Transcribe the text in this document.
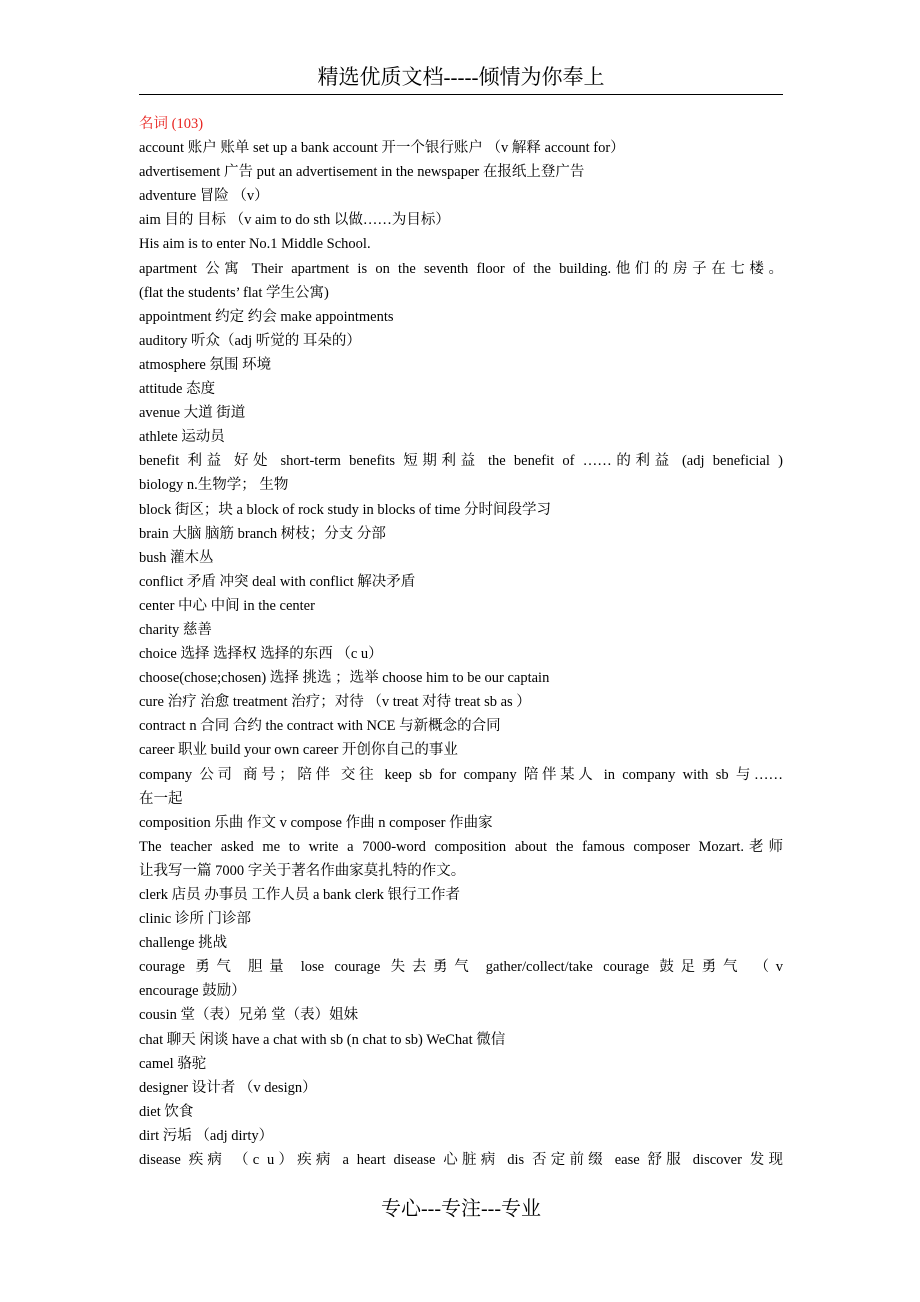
精选优质文档-----倾情为你奉上
名词 (103)
account 账户 账单 set up a bank account 开一个银行账户 （v 解释 account for）
advertisement 广告 put an advertisement in the newspaper 在报纸上登广告
adventure 冒险 （v）
aim 目的 目标 （v aim to do sth 以做……为目标）
His aim is to enter No.1 Middle School.
apartment 公寓 Their apartment is on the seventh floor of the building.他们的房子在七楼。
(flat the students’ flat 学生公寓)
appointment 约定 约会 make appointments
auditory 听众（adj 听觉的 耳朵的）
atmosphere 氛围 环境
attitude 态度
avenue 大道 街道
athlete 运动员
benefit 利益 好处 short-term benefits 短期利益 the benefit of ……的利益 (adj beneficial )
biology n.生物学； 生物
block 街区；块 a block of rock study in blocks of time 分时间段学习
brain 大脑 脑筋 branch 树枝；分支 分部
bush 灌木丛
conflict 矛盾 冲突 deal with conflict 解决矛盾
center 中心 中间 in the center
charity 慈善
choice 选择 选择权 选择的东西 （c u）
choose(chose;chosen) 选择 挑选 ；选举 choose him to be our captain
cure 治疗 治愈 treatment 治疗；对待 （v treat 对待 treat sb as ）
contract n 合同 合约 the contract with NCE 与新概念的合同
career 职业 build your own career 开创你自己的事业
company 公司 商号；陪伴 交往 keep sb for company 陪伴某人 in company with sb 与……
在一起
composition 乐曲 作文 v compose 作曲 n composer 作曲家
The teacher asked me to write a 7000-word composition about the famous composer Mozart.老师
让我写一篇 7000 字关于著名作曲家莫扎特的作文。
clerk 店员 办事员 工作人员 a bank clerk 银行工作者
clinic 诊所 门诊部
challenge 挑战
courage 勇气 胆量 lose courage 失去勇气 gather/collect/take courage 鼓足勇气 （v
encourage 鼓励）
cousin 堂（表）兄弟 堂（表）姐妹
chat 聊天 闲谈 have a chat with sb (n chat to sb) WeChat 微信
camel 骆驼
designer 设计者 （v design）
diet 饮食
dirt 污垢 （adj dirty）
disease 疾病 （c u）疾病 a heart disease 心脏病 dis 否定前缀 ease 舒服 discover 发现
专心---专注---专业
